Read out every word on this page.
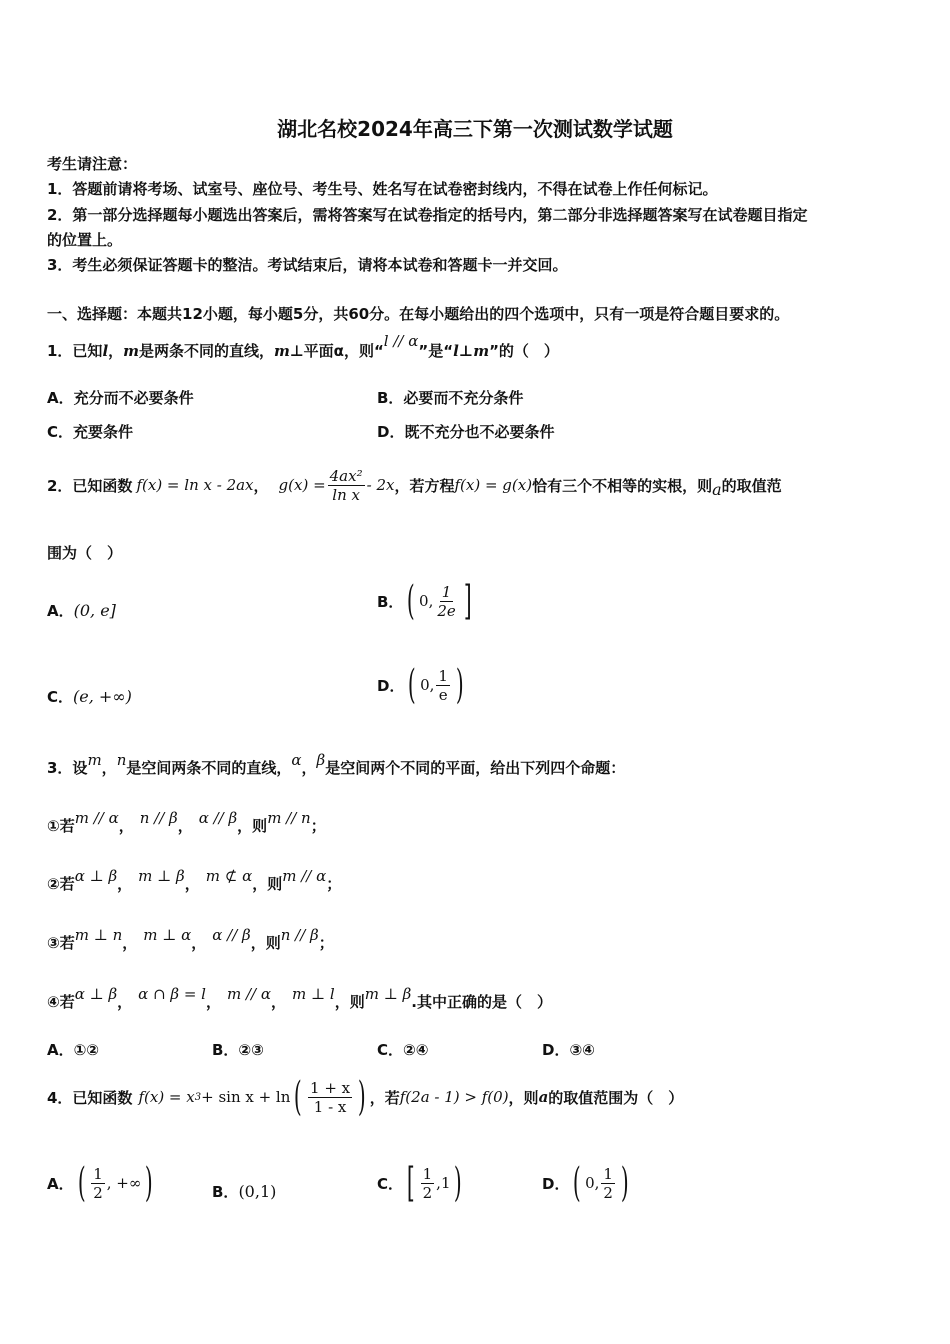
湖北名校2024年高三下第一次测试数学试题
考生请注意：
1．答题前请将考场、试室号、座位号、考生号、姓名写在试卷密封线内，不得在试卷上作任何标记。
2．第一部分选择题每小题选出答案后，需将答案写在试卷指定的括号内，第二部分非选择题答案写在试卷题目指定
的位置上。
3．考生必须保证答题卡的整洁。考试结束后，请将本试卷和答题卡一并交回。
一、选择题：本题共12小题，每小题5分，共60分。在每小题给出的四个选项中，只有一项是符合题目要求的。
1．已知l，m是两条不同的直线，m⊥平面α，则“l // α”是“l⊥m”的（　）
A．充分而不必要条件	B．必要而不充分条件
C．充要条件	D．既不充分也不必要条件
2．已知函数 f(x) = ln x - 2ax ， $g(x) = \frac{\text{4ax²}}{\text{ln x}} - 2x$ ，若方程 f(x) = g(x) 恰有三个不相等的实根，则 a 的取值范
围为（　）
A．(0, e]	B． ( 0, $\frac{1}{2e}$ ]
C．(e, +∞)
D． ( 0, $\frac{1}{e}$ )
3．设m，n是空间两条不同的直线，α，β是空间两个不同的平面，给出下列四个命题：
①若m // α， n // β， α // β，则m // n；
②若α ⊥ β， m ⊥ β， m ⊄ α，则m // α；
③若m ⊥ n， m ⊥ α， α // β，则n // β；
④若α ⊥ β， α ∩ β = l， m // α， m ⊥ l，则m ⊥ β.其中正确的是（　）
A．①②	B．②③	C．②④	D．③④
4．已知函数 f(x) = x 3 + sin x + ln ( $\frac{1 + x}{1 - x}$ ) ，若 f(2a - 1) > f(0) ，则 a 的取值范围为（　）
A． ( $\frac{1}{2}$ , +∞ )	B．(0,1)	C． [ $\frac{1}{2} ,1$ )	D． ( 0, $\frac{1}{2}$ )
